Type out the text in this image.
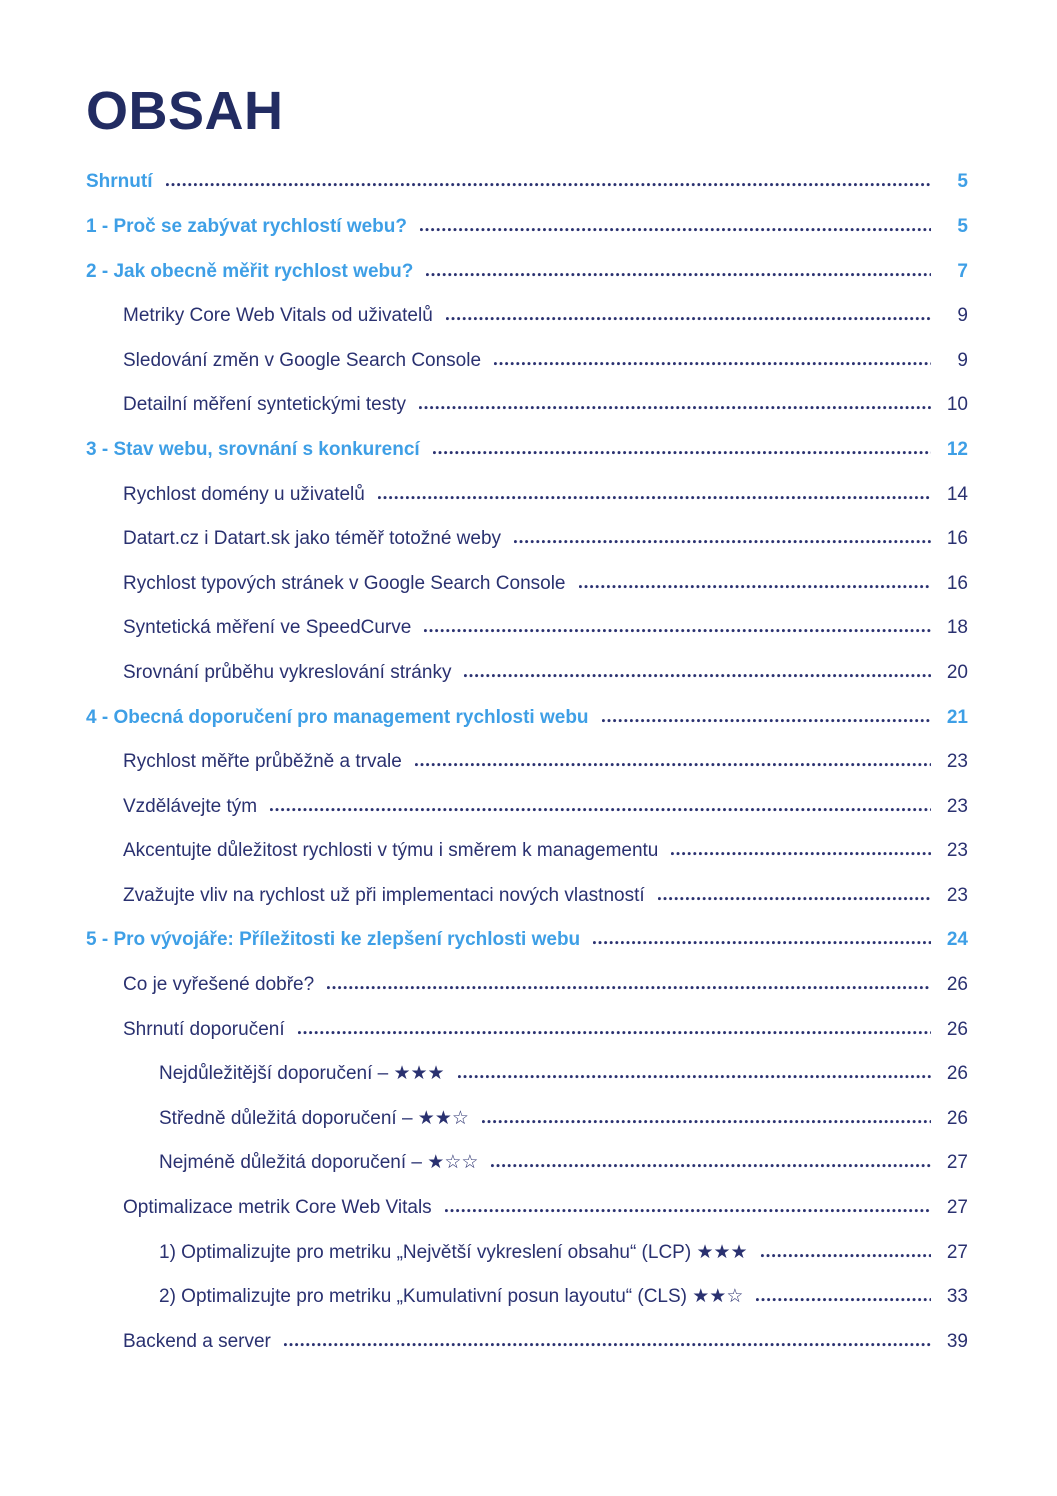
OBSAH
Shrnutí	5
1 - Proč se zabývat rychlostí webu?	5
2 - Jak obecně měřit rychlost webu?	7
Metriky Core Web Vitals od uživatelů	9
Sledování změn v Google Search Console	9
Detailní měření syntetickými testy	10
3 - Stav webu, srovnání s konkurencí	12
Rychlost domény u uživatelů	14
Datart.cz i Datart.sk jako téměř totožné weby	16
Rychlost typových stránek v Google Search Console	16
Syntetická měření ve SpeedCurve	18
Srovnání průběhu vykreslování stránky	20
4 - Obecná doporučení pro management rychlosti webu	21
Rychlost měřte průběžně a trvale	23
Vzdělávejte tým	23
Akcentujte důležitost rychlosti v týmu i směrem k managementu	23
Zvažujte vliv na rychlost už při implementaci nových vlastností	23
5 - Pro vývojáře: Příležitosti ke zlepšení rychlosti webu	24
Co je vyřešené dobře?	26
Shrnutí doporučení	26
Nejdůležitější doporučení – ★★★	26
Středně důležitá doporučení – ★★☆	26
Nejméně důležitá doporučení – ★☆☆	27
Optimalizace metrik Core Web Vitals	27
1) Optimalizujte pro metriku „Největší vykreslení obsahu“ (LCP) ★★★	27
2) Optimalizujte pro metriku „Kumulativní posun layoutu“ (CLS) ★★☆	33
Backend a server	39
